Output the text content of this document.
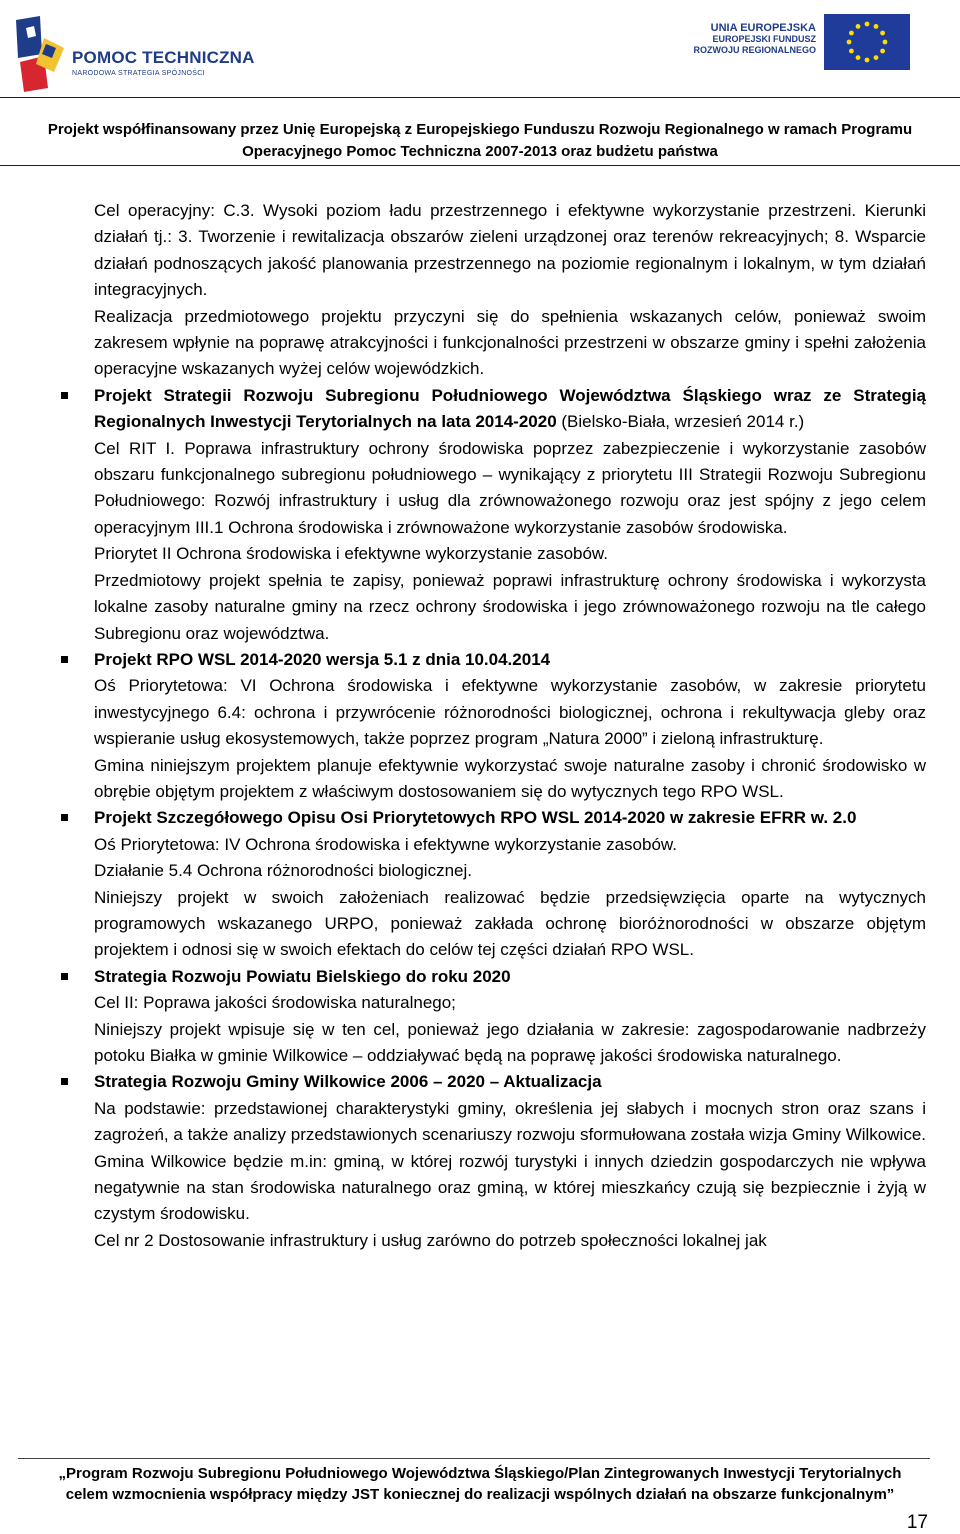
POMOC TECHNICZNA
NARODOWA STRATEGIA SPÓJNOŚCI
UNIA EUROPEJSKA
EUROPEJSKI FUNDUSZ
ROZWOJU REGIONALNEGO
Projekt współfinansowany przez Unię Europejską z Europejskiego Funduszu Rozwoju Regionalnego w ramach Programu
Operacyjnego Pomoc Techniczna 2007-2013 oraz budżetu państwa

Cel operacyjny: C.3. Wysoki poziom ładu przestrzennego i efektywne wykorzystanie przestrzeni. Kierunki działań tj.: 3. Tworzenie i rewitalizacja obszarów zieleni urządzonej oraz terenów rekreacyjnych; 8. Wsparcie działań podnoszących jakość planowania przestrzennego na poziomie regionalnym i lokalnym, w tym działań integracyjnych.

Realizacja przedmiotowego projektu przyczyni się do spełnienia wskazanych celów, ponieważ swoim zakresem wpłynie na poprawę atrakcyjności i funkcjonalności przestrzeni w obszarze gminy i spełni założenia operacyjne wskazanych wyżej celów wojewódzkich.

Projekt Strategii Rozwoju Subregionu Południowego Województwa Śląskiego wraz ze Strategią Regionalnych Inwestycji Terytorialnych na lata 2014-2020 (Bielsko-Biała, wrzesień 2014 r.)

Cel RIT I. Poprawa infrastruktury ochrony środowiska poprzez zabezpieczenie i wykorzystanie zasobów obszaru funkcjonalnego subregionu południowego – wynikający z priorytetu III Strategii Rozwoju Subregionu Południowego: Rozwój infrastruktury i usług dla zrównoważonego rozwoju oraz jest spójny z jego celem operacyjnym III.1 Ochrona środowiska i zrównoważone wykorzystanie zasobów środowiska.

Priorytet II Ochrona środowiska i efektywne wykorzystanie zasobów.

Przedmiotowy projekt spełnia te zapisy, ponieważ poprawi infrastrukturę ochrony środowiska i wykorzysta lokalne zasoby naturalne gminy na rzecz ochrony środowiska i jego zrównoważonego rozwoju na tle całego Subregionu oraz województwa.

Projekt RPO WSL 2014-2020 wersja 5.1 z dnia 10.04.2014

Oś Priorytetowa: VI Ochrona środowiska i efektywne wykorzystanie zasobów, w zakresie priorytetu inwestycyjnego 6.4: ochrona i przywrócenie różnorodności biologicznej, ochrona i rekultywacja gleby oraz wspieranie usług ekosystemowych, także poprzez program „Natura 2000” i zieloną infrastrukturę.

Gmina niniejszym projektem planuje efektywnie wykorzystać swoje naturalne zasoby i chronić środowisko w obrębie objętym projektem z właściwym dostosowaniem się do wytycznych tego RPO WSL.

Projekt Szczegółowego Opisu Osi Priorytetowych RPO WSL 2014-2020 w zakresie EFRR w. 2.0

Oś Priorytetowa: IV Ochrona środowiska i efektywne wykorzystanie zasobów.

Działanie 5.4 Ochrona różnorodności biologicznej.

Niniejszy projekt w swoich założeniach realizować będzie przedsięwzięcia oparte na wytycznych programowych wskazanego URPO, ponieważ zakłada ochronę bioróżnorodności w obszarze objętym projektem i odnosi się w swoich efektach do celów tej części działań RPO WSL.

Strategia Rozwoju Powiatu Bielskiego do roku 2020

Cel II: Poprawa jakości środowiska naturalnego;

Niniejszy projekt wpisuje się w ten cel, ponieważ jego działania w zakresie: zagospodarowanie nadbrzeży potoku Białka w gminie Wilkowice – oddziaływać będą na poprawę jakości środowiska naturalnego.

Strategia Rozwoju Gminy Wilkowice 2006 – 2020 – Aktualizacja

Na podstawie: przedstawionej charakterystyki gminy, określenia jej słabych i mocnych stron oraz szans i zagrożeń, a także analizy przedstawionych scenariuszy rozwoju sformułowana została wizja Gminy Wilkowice. Gmina Wilkowice będzie m.in: gminą, w której rozwój turystyki i innych dziedzin gospodarczych nie wpływa negatywnie na stan środowiska naturalnego oraz gminą, w której mieszkańcy czują się bezpiecznie i żyją w czystym środowisku.

Cel nr 2 Dostosowanie infrastruktury i usług zarówno do potrzeb społeczności lokalnej jak

„Program Rozwoju Subregionu Południowego Województwa Śląskiego/Plan Zintegrowanych Inwestycji Terytorialnych
celem wzmocnienia współpracy między JST koniecznej do realizacji wspólnych działań na obszarze funkcjonalnym”
17
